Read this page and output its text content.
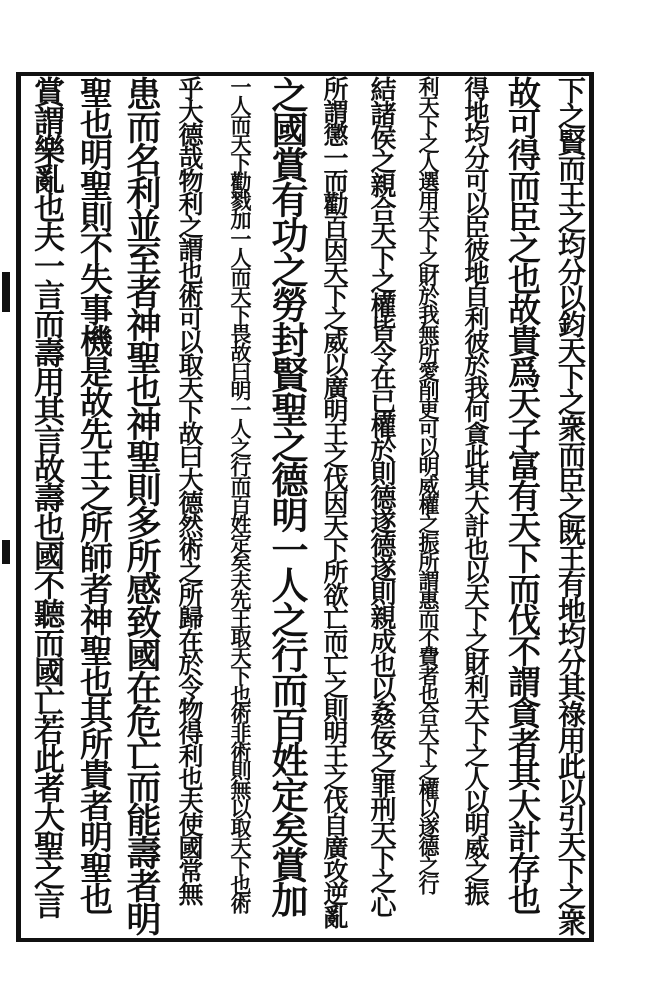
下之賢而王之均分以鈞天下之衆而臣之既王有地均分其祿用此以引天下之衆
故可得而臣之也故貴爲天子富有天下而伐不謂貪者其大計存也
得地均分可以臣彼地自利彼於我何貪此其大計也以天下之財利天下之人以明威之振
利天下之人選用天下之財於我無所愛削更可以明威權之振所謂惠而不費者也合天下之權以遂德之行
結諸侯之親合天下之權皆令在已權於則德遂德遂則親成也以姦佞之罪刑天下之心
所謂懲一而勸百因天下之威以廣明王之伐因天下所欲亡而亡之則明王之伐自廣攻逆亂
之國賞有功之勞封賢聖之德明一人之行而百姓定矣賞加
一人而天下勸戮加一人而天下畏故曰明一人之行而百姓定矣夫先王取天下也術非術則無以取天下也術
乎大德哉物利之謂也術可以取天下故曰大德然術之所歸在於令物得利也夫使國常無
患而名利並至者神聖也神聖則多所感致國在危亡而能壽者明
聖也明聖則不失事機是故先王之所師者神聖也其所貴者明聖也
賞謂樂亂也夫一言而壽用其言故壽也國不聽而國亡若此者大聖之言
